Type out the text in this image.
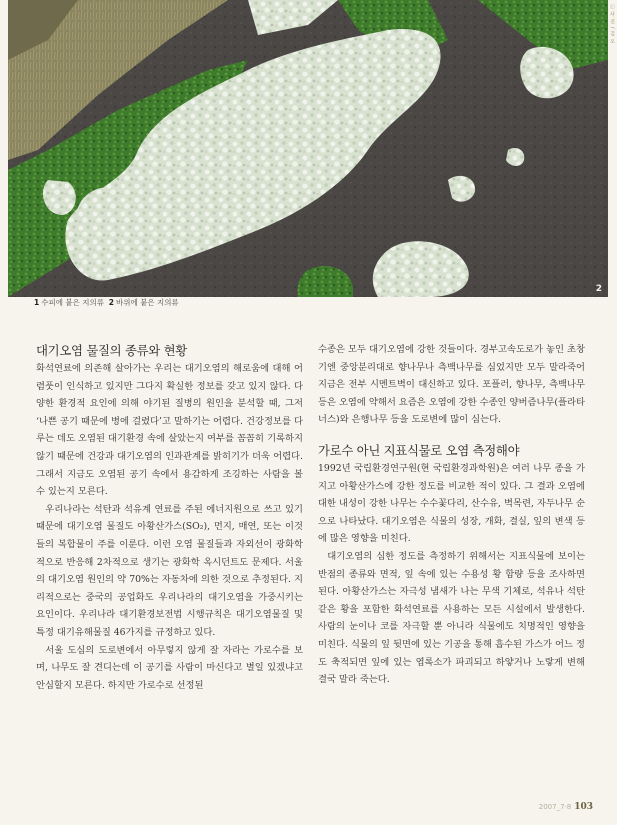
2
ⓒ 사 진 / 김 오
1 수피에 붙은 지의류 2 바위에 붙은 지의류
대기오염 물질의 종류와 현황

화석연료에 의존해 살아가는 우리는 대기오염의 해로움에 대해 어렴풋이 인식하고 있지만 그다지 확실한 정보를 갖고 있지 않다. 다양한 환경적 요인에 의해 야기된 질병의 원인을 분석할 때, 그저 ‘나쁜 공기 때문에 병에 걸렸다’고 말하기는 어렵다. 건강정보를 다루는 데도 오염된 대기환경 속에 살았는지 여부를 꼼꼼히 기록하지 않기 때문에 건강과 대기오염의 인과관계를 밝히기가 더욱 어렵다. 그래서 지금도 오염된 공기 속에서 용감하게 조깅하는 사람을 볼 수 있는지 모른다.

우리나라는 석탄과 석유계 연료를 주된 에너지원으로 쓰고 있기 때문에 대기오염 물질도 아황산가스(SO₂), 먼지, 매연, 또는 이것들의 복합물이 주를 이룬다. 이런 오염 물질들과 자외선이 광화학적으로 반응해 2차적으로 생기는 광화학 옥시던트도 문제다. 서울의 대기오염 원인의 약 70%는 자동차에 의한 것으로 추정된다. 지리적으로는 중국의 공업화도 우리나라의 대기오염을 가중시키는 요인이다. 우리나라 대기환경보전법 시행규칙은 대기오염물질 및 특정 대기유해물질 46가지를 규정하고 있다.

서울 도심의 도로변에서 아무렇지 않게 잘 자라는 가로수를 보며, 나무도 잘 견디는데 이 공기를 사람이 마신다고 별일 있겠냐고 안심할지 모른다. 하지만 가로수로 선정된

수종은 모두 대기오염에 강한 것들이다. 경부고속도로가 놓인 초창기엔 중앙분리대로 향나무나 측백나무를 심었지만 모두 말라죽어 지금은 전부 시멘트벽이 대신하고 있다. 포플러, 향나무, 측백나무 등은 오염에 약해서 요즘은 오염에 강한 수종인 양버즘나무(플라타너스)와 은행나무 등을 도로변에 많이 심는다.

가로수 아닌 지표식물로 오염 측정해야

1992년 국립환경연구원(현 국립환경과학원)은 여러 나무 종을 가지고 아황산가스에 강한 정도를 비교한 적이 있다. 그 결과 오염에 대한 내성이 강한 나무는 수수꽃다리, 산수유, 벽목련, 자두나무 순으로 나타났다. 대기오염은 식물의 성장, 개화, 결실, 잎의 변색 등에 많은 영향을 미친다.

대기오염의 심한 정도를 측정하기 위해서는 지표식물에 보이는 반점의 종류와 면적, 잎 속에 있는 수용성 황 함량 등을 조사하면 된다. 아황산가스는 자극성 냄새가 나는 무색 기체로, 석유나 석탄 같은 황을 포함한 화석연료를 사용하는 모든 시설에서 발생한다. 사람의 눈이나 코를 자극할 뿐 아니라 식물에도 치명적인 영향을 미친다. 식물의 잎 뒷면에 있는 기공을 통해 흡수된 가스가 어느 정도 축적되면 잎에 있는 엽록소가 파괴되고 하얗거나 노랗게 변해 결국 말라 죽는다.

2007_7·8 103
